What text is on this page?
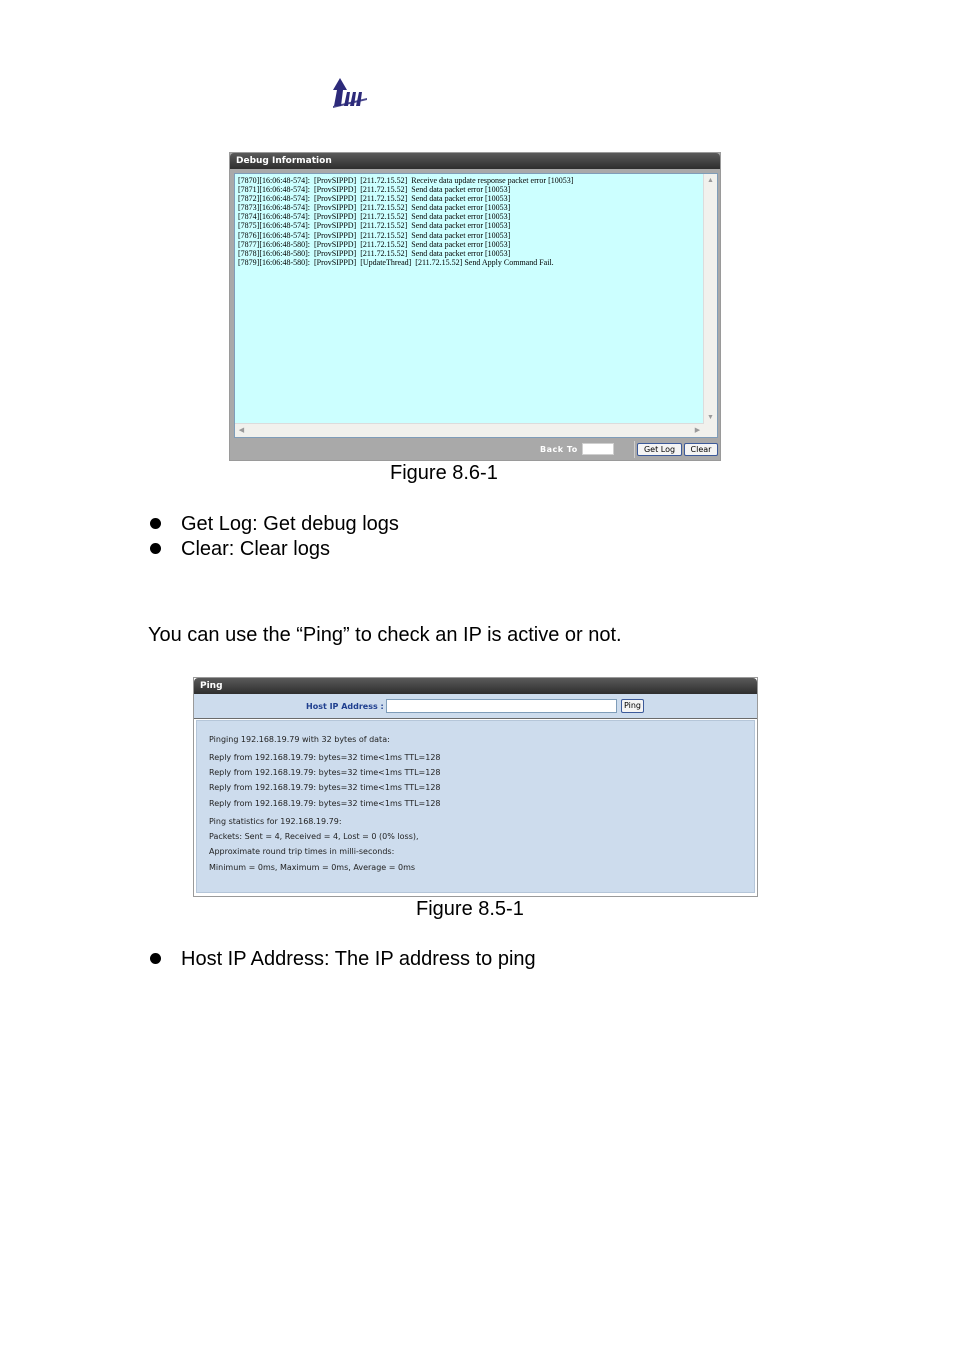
Debug Information
[7870][16:06:48-574]:  [ProvSIPPD]  [211.72.15.52]  Receive data update response packet error [10053]
[7871][16:06:48-574]:  [ProvSIPPD]  [211.72.15.52]  Send data packet error [10053]
[7872][16:06:48-574]:  [ProvSIPPD]  [211.72.15.52]  Send data packet error [10053]
[7873][16:06:48-574]:  [ProvSIPPD]  [211.72.15.52]  Send data packet error [10053]
[7874][16:06:48-574]:  [ProvSIPPD]  [211.72.15.52]  Send data packet error [10053]
[7875][16:06:48-574]:  [ProvSIPPD]  [211.72.15.52]  Send data packet error [10053]
[7876][16:06:48-574]:  [ProvSIPPD]  [211.72.15.52]  Send data packet error [10053]
[7877][16:06:48-580]:  [ProvSIPPD]  [211.72.15.52]  Send data packet error [10053]
[7878][16:06:48-580]:  [ProvSIPPD]  [211.72.15.52]  Send data packet error [10053]
[7879][16:06:48-580]:  [ProvSIPPD]  [UpdateThread]  [211.72.15.52] Send Apply Command Fail.
▲
▼
◀	▶
Back To	Get Log	Clear
Figure 8.6-1
Get Log: Get debug logs
Clear: Clear logs
You can use the “Ping” to check an IP is active or not.
Ping
Host IP Address :	Ping
Pinging 192.168.19.79 with 32 bytes of data:
Reply from 192.168.19.79: bytes=32 time<1ms TTL=128
Reply from 192.168.19.79: bytes=32 time<1ms TTL=128
Reply from 192.168.19.79: bytes=32 time<1ms TTL=128
Reply from 192.168.19.79: bytes=32 time<1ms TTL=128
Ping statistics for 192.168.19.79:
Packets: Sent = 4, Received = 4, Lost = 0 (0% loss),
Approximate round trip times in milli-seconds:
Minimum = 0ms, Maximum = 0ms, Average = 0ms
Figure 8.5-1
Host IP Address: The IP address to ping
